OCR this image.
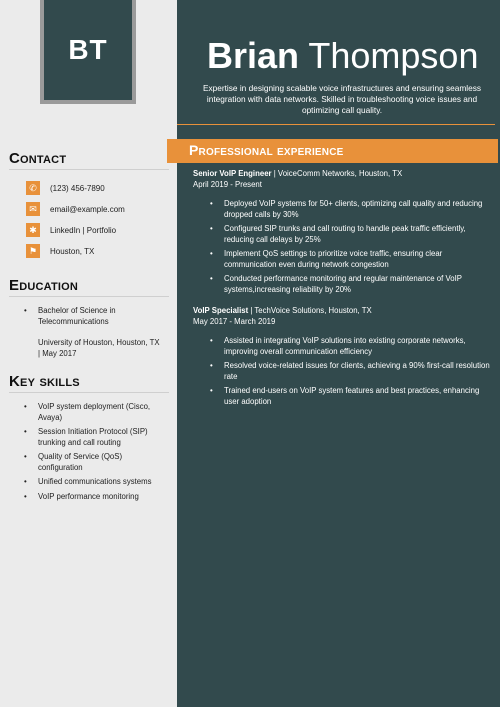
BT	Brian Thompson
Expertise in designing scalable voice infrastructures and ensuring seamless integration with data networks. Skilled in troubleshooting voice issues and optimizing call quality.
Contact
✆	(123) 456-7890
✉	email@example.com
✱	LinkedIn | Portfolio
⚑	Houston, TX
Education
• Bachelor of Science in Telecommunications
University of Houston, Houston, TX | May 2017
Key skills
• VoIP system deployment (Cisco, Avaya)
• Session Initiation Protocol (SIP) trunking and call routing
• Quality of Service (QoS) configuration
• Unified communications systems
• VoIP performance monitoring
Professional experience
Senior VoIP Engineer | VoiceComm Networks, Houston, TX
April 2019 - Present
• Deployed VoIP systems for 50+ clients, optimizing call quality and reducing dropped calls by 30%
• Configured SIP trunks and call routing to handle peak traffic efficiently, reducing call delays by 25%
• Implement QoS settings to prioritize voice traffic, ensuring clear communication even during network congestion
• Conducted performance monitoring and regular maintenance of VoIP systems,increasing reliability by 20%
VoIP Specialist | TechVoice Solutions, Houston, TX
May 2017 - March 2019
• Assisted in integrating VoIP solutions into existing corporate networks, improving overall communication efficiency
• Resolved voice-related issues for clients, achieving a 90% first-call resolution rate
• Trained end-users on VoIP system features and best practices, enhancing user adoption
